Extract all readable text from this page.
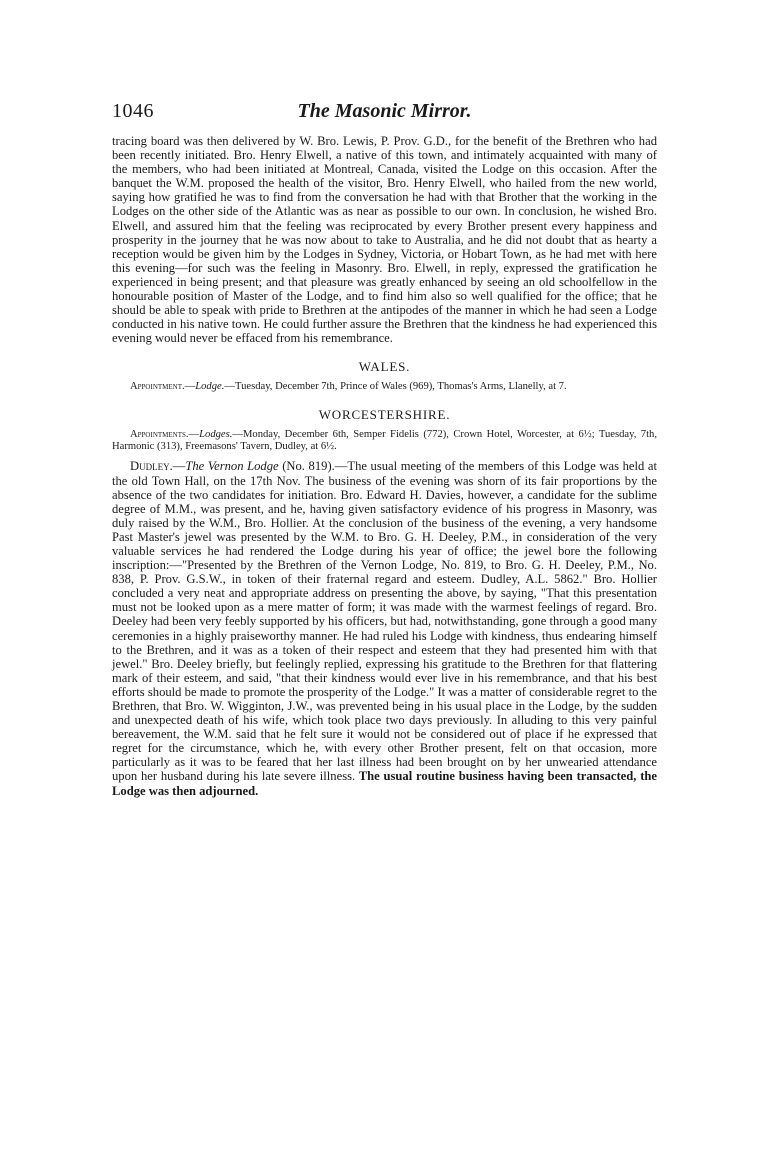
1046	The Masonic Mirror.

tracing board was then delivered by W. Bro. Lewis, P. Prov. G.D., for the benefit of the Brethren who had been recently initiated. Bro. Henry Elwell, a native of this town, and intimately acquainted with many of the members, who had been initiated at Montreal, Canada, visited the Lodge on this occasion. After the banquet the W.M. proposed the health of the visitor, Bro. Henry Elwell, who hailed from the new world, saying how gratified he was to find from the conversation he had with that Brother that the working in the Lodges on the other side of the Atlantic was as near as possible to our own. In conclusion, he wished Bro. Elwell, and assured him that the feeling was reciprocated by every Brother present every happiness and prosperity in the journey that he was now about to take to Australia, and he did not doubt that as hearty a reception would be given him by the Lodges in Sydney, Victoria, or Hobart Town, as he had met with here this evening—for such was the feeling in Masonry. Bro. Elwell, in reply, expressed the gratification he experienced in being present; and that pleasure was greatly enhanced by seeing an old schoolfellow in the honourable position of Master of the Lodge, and to find him also so well qualified for the office; that he should be able to speak with pride to Brethren at the antipodes of the manner in which he had seen a Lodge conducted in his native town. He could further assure the Brethren that the kindness he had experienced this evening would never be effaced from his remembrance.

WALES.

Appointment.—Lodge.—Tuesday, December 7th, Prince of Wales (969), Thomas's Arms, Llanelly, at 7.

WORCESTERSHIRE.

Appointments.—Lodges.—Monday, December 6th, Semper Fidelis (772), Crown Hotel, Worcester, at 6½; Tuesday, 7th, Harmonic (313), Freemasons' Tavern, Dudley, at 6½.

Dudley.—The Vernon Lodge (No. 819).—The usual meeting of the members of this Lodge was held at the old Town Hall, on the 17th Nov. The business of the evening was shorn of its fair proportions by the absence of the two candidates for initiation. Bro. Edward H. Davies, however, a candidate for the sublime degree of M.M., was present, and he, having given satisfactory evidence of his progress in Masonry, was duly raised by the W.M., Bro. Hollier. At the conclusion of the business of the evening, a very handsome Past Master's jewel was presented by the W.M. to Bro. G. H. Deeley, P.M., in consideration of the very valuable services he had rendered the Lodge during his year of office; the jewel bore the following inscription:—"Presented by the Brethren of the Vernon Lodge, No. 819, to Bro. G. H. Deeley, P.M., No. 838, P. Prov. G.S.W., in token of their fraternal regard and esteem. Dudley, A.L. 5862." Bro. Hollier concluded a very neat and appropriate address on presenting the above, by saying, "That this presentation must not be looked upon as a mere matter of form; it was made with the warmest feelings of regard. Bro. Deeley had been very feebly supported by his officers, but had, notwithstanding, gone through a good many ceremonies in a highly praiseworthy manner. He had ruled his Lodge with kindness, thus endearing himself to the Brethren, and it was as a token of their respect and esteem that they had presented him with that jewel." Bro. Deeley briefly, but feelingly replied, expressing his gratitude to the Brethren for that flattering mark of their esteem, and said, "that their kindness would ever live in his remembrance, and that his best efforts should be made to promote the prosperity of the Lodge." It was a matter of considerable regret to the Brethren, that Bro. W. Wigginton, J.W., was prevented being in his usual place in the Lodge, by the sudden and unexpected death of his wife, which took place two days previously. In alluding to this very painful bereavement, the W.M. said that he felt sure it would not be considered out of place if he expressed that regret for the circumstance, which he, with every other Brother present, felt on that occasion, more particularly as it was to be feared that her last illness had been brought on by her unwearied attendance upon her husband during his late severe illness. The usual routine business having been transacted, the Lodge was then adjourned.
